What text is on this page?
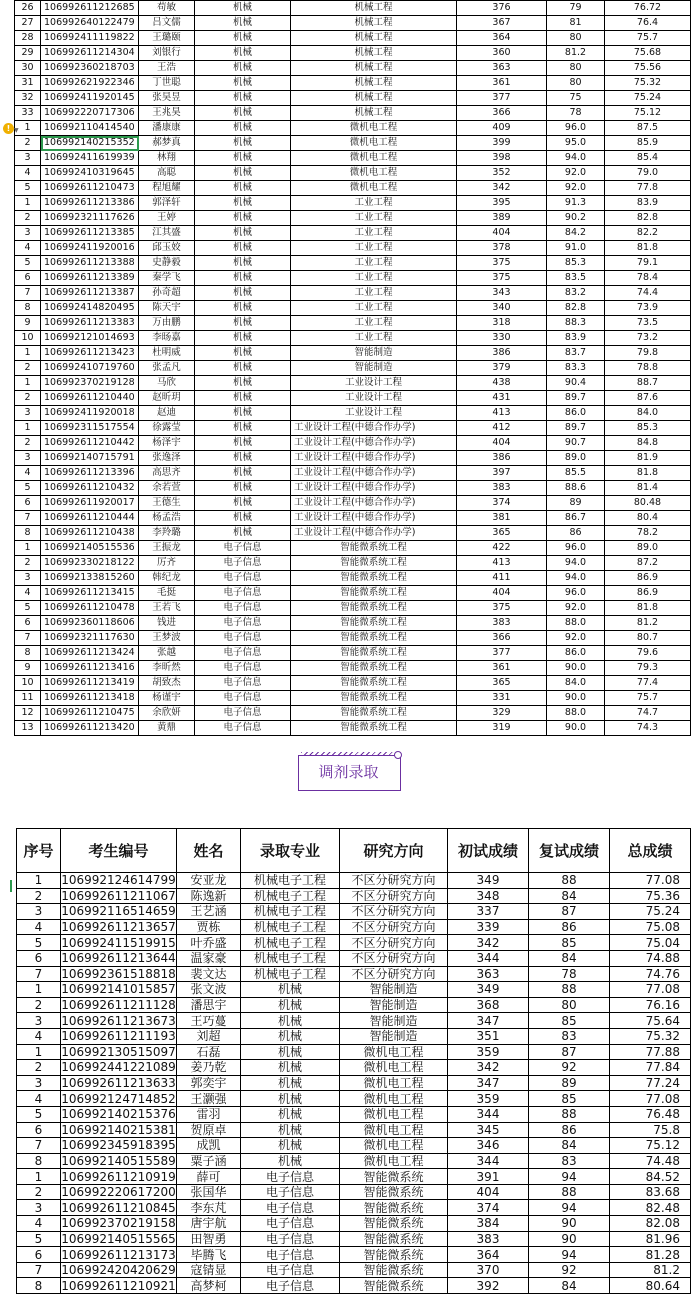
26	106992611212685	苟敏	机械	机械工程	376	79	76.72
27	106992640122479	吕文儒	机械	机械工程	367	81	76.4
28	106992411119822	王璐颐	机械	机械工程	364	80	75.7
29	106992611214304	刘银行	机械	机械工程	360	81.2	75.68
30	106992360218703	王浩	机械	机械工程	363	80	75.56
31	106992621922346	丁世聪	机械	机械工程	361	80	75.32
32	106992411920145	张昊昱	机械	机械工程	377	75	75.24
33	106992220717306	王兆昊	机械	机械工程	366	78	75.12
1	106992110414540	潘康康	机械	微机电工程	409	96.0	87.5
2	106992140215352	郝梦真	机械	微机电工程	399	95.0	85.9
3	106992411619939	林翔	机械	微机电工程	398	94.0	85.4
4	106992410319645	高聪	机械	微机电工程	352	92.0	79.0
5	106992611210473	程旭耀	机械	微机电工程	342	92.0	77.8
1	106992611213386	郭泽轩	机械	工业工程	395	91.3	83.9
2	106992321117626	王婷	机械	工业工程	389	90.2	82.8
3	106992611213385	江其盛	机械	工业工程	404	84.2	82.2
4	106992411920016	邱玉姣	机械	工业工程	378	91.0	81.8
5	106992611213388	史静毅	机械	工业工程	375	85.3	79.1
6	106992611213389	秦学飞	机械	工业工程	375	83.5	78.4
7	106992611213387	孙奇超	机械	工业工程	343	83.2	74.4
8	106992414820495	陈天宇	机械	工业工程	340	82.8	73.9
9	106992611213383	万由鹏	机械	工业工程	318	88.3	73.5
10	106992121014693	李旸嘉	机械	工业工程	330	83.9	73.2
1	106992611213423	杜明威	机械	智能制造	386	83.7	79.8
2	106992410719760	张孟凡	机械	智能制造	379	83.3	78.8
1	106992370219128	马欣	机械	工业设计工程	438	90.4	88.7
2	106992611210440	赵昕玥	机械	工业设计工程	431	89.7	87.6
3	106992411920018	赵迪	机械	工业设计工程	413	86.0	84.0
1	106992311517554	徐露莹	机械	工业设计工程(中德合作办学)	412	89.7	85.3
2	106992611210442	杨泽宇	机械	工业设计工程(中德合作办学)	404	90.7	84.8
3	106992140715791	张逸泽	机械	工业设计工程(中德合作办学)	386	89.0	81.9
4	106992611213396	高思齐	机械	工业设计工程(中德合作办学)	397	85.5	81.8
5	106992611210432	余若萱	机械	工业设计工程(中德合作办学)	383	88.6	81.4
6	106992611920017	王德生	机械	工业设计工程(中德合作办学)	374	89	80.48
7	106992611210444	杨孟浩	机械	工业设计工程(中德合作办学)	381	86.7	80.4
8	106992611210438	李羚璐	机械	工业设计工程(中德合作办学)	365	86	78.2
1	106992140515536	王振龙	电子信息	智能微系统工程	422	96.0	89.0
2	106992330218122	厉齐	电子信息	智能微系统工程	413	94.0	87.2
3	106992133815260	韩纪龙	电子信息	智能微系统工程	411	94.0	86.9
4	106992611213415	毛挺	电子信息	智能微系统工程	404	96.0	86.9
5	106992611210478	王若飞	电子信息	智能微系统工程	375	92.0	81.8
6	106992360118606	钱进	电子信息	智能微系统工程	383	88.0	81.2
7	106992321117630	王梦波	电子信息	智能微系统工程	366	92.0	80.7
8	106992611213424	张越	电子信息	智能微系统工程	377	86.0	79.6
9	106992611213416	李昕然	电子信息	智能微系统工程	361	90.0	79.3
10	106992611213419	胡致杰	电子信息	智能微系统工程	365	84.0	77.4
11	106992611213418	杨谨宇	电子信息	智能微系统工程	331	90.0	75.7
12	106992611210475	余欣妍	电子信息	智能微系统工程	329	88.0	74.7
13	106992611213420	黄鼎	电子信息	智能微系统工程	319	90.0	74.3
! ▼
调剂录取
序号	考生编号	姓名	录取专业	研究方向	初试成绩	复试成绩	总成绩
1	106992124614799	安亚龙	机械电子工程	不区分研究方向	349	88	77.08
2	106992611211067	陈逸新	机械电子工程	不区分研究方向	348	84	75.36
3	106992116514659	王艺涵	机械电子工程	不区分研究方向	337	87	75.24
4	106992611213657	贾栋	机械电子工程	不区分研究方向	339	86	75.08
5	106992411519915	叶乔盛	机械电子工程	不区分研究方向	342	85	75.04
6	106992611213644	温家豪	机械电子工程	不区分研究方向	344	84	74.88
7	106992361518818	裴文达	机械电子工程	不区分研究方向	363	78	74.76
1	106992141015857	张文波	机械	智能制造	349	88	77.08
2	106992611211128	潘思宇	机械	智能制造	368	80	76.16
3	106992611213673	王巧蔓	机械	智能制造	347	85	75.64
4	106992611211193	刘超	机械	智能制造	351	83	75.32
1	106992130515097	石磊	机械	微机电工程	359	87	77.88
2	106992441221089	姜乃乾	机械	微机电工程	342	92	77.84
3	106992611213633	郭奕宇	机械	微机电工程	347	89	77.24
4	106992124714852	王灏强	机械	微机电工程	359	85	77.08
5	106992140215376	雷羽	机械	微机电工程	344	88	76.48
6	106992140215381	贺原卓	机械	微机电工程	345	86	75.8
7	106992345918395	成凯	机械	微机电工程	346	84	75.12
8	106992140515589	粟子涵	机械	微机电工程	344	83	74.48
1	106992611210919	薛可	电子信息	智能微系统	391	94	84.52
2	106992220617200	张国华	电子信息	智能微系统	404	88	83.68
3	106992611210845	李东芃	电子信息	智能微系统	374	94	82.48
4	106992370219158	唐宇航	电子信息	智能微系统	384	90	82.08
5	106992140515565	田智勇	电子信息	智能微系统	383	90	81.96
6	106992611213173	毕腾飞	电子信息	智能微系统	364	94	81.28
7	106992420420629	寇锖显	电子信息	智能微系统	370	92	81.2
8	106992611210921	高梦柯	电子信息	智能微系统	392	84	80.64
